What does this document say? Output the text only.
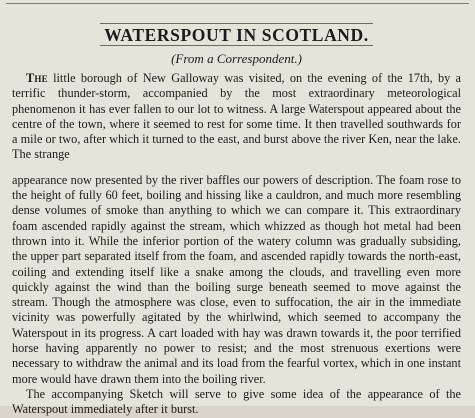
WATERSPOUT IN SCOTLAND.
(From a Correspondent.)

The little borough of New Galloway was visited, on the evening of the 17th, by a terrific thunder-storm, accompanied by the most extraordinary meteorological phenomenon it has ever fallen to our lot to witness. A large Waterspout appeared about the centre of the town, where it seemed to rest for some time. It then travelled southwards for a mile or two, after which it turned to the east, and burst above the river Ken, near the lake. The strange

appearance now presented by the river baffles our powers of description. The foam rose to the height of fully 60 feet, boiling and hissing like a cauldron, and much more resembling dense volumes of smoke than anything to which we can compare it. This extraordinary foam ascended rapidly against the stream, which whizzed as though hot metal had been thrown into it. While the inferior portion of the watery column was gradually subsiding, the upper part separated itself from the foam, and ascended rapidly towards the north-east, coiling and extending itself like a snake among the clouds, and travelling even more quickly against the wind than the boiling surge beneath seemed to move against the stream. Though the atmosphere was close, even to suffocation, the air in the immediate vicinity was powerfully agitated by the whirlwind, which seemed to accompany the Waterspout in its progress. A cart loaded with hay was drawn towards it, the poor terrified horse having apparently no power to resist; and the most strenuous exertions were necessary to withdraw the animal and its load from the fearful vortex, which in one instant more would have drawn them into the boiling river.

The accompanying Sketch will serve to give some idea of the appearance of the Waterspout immediately after it burst.
